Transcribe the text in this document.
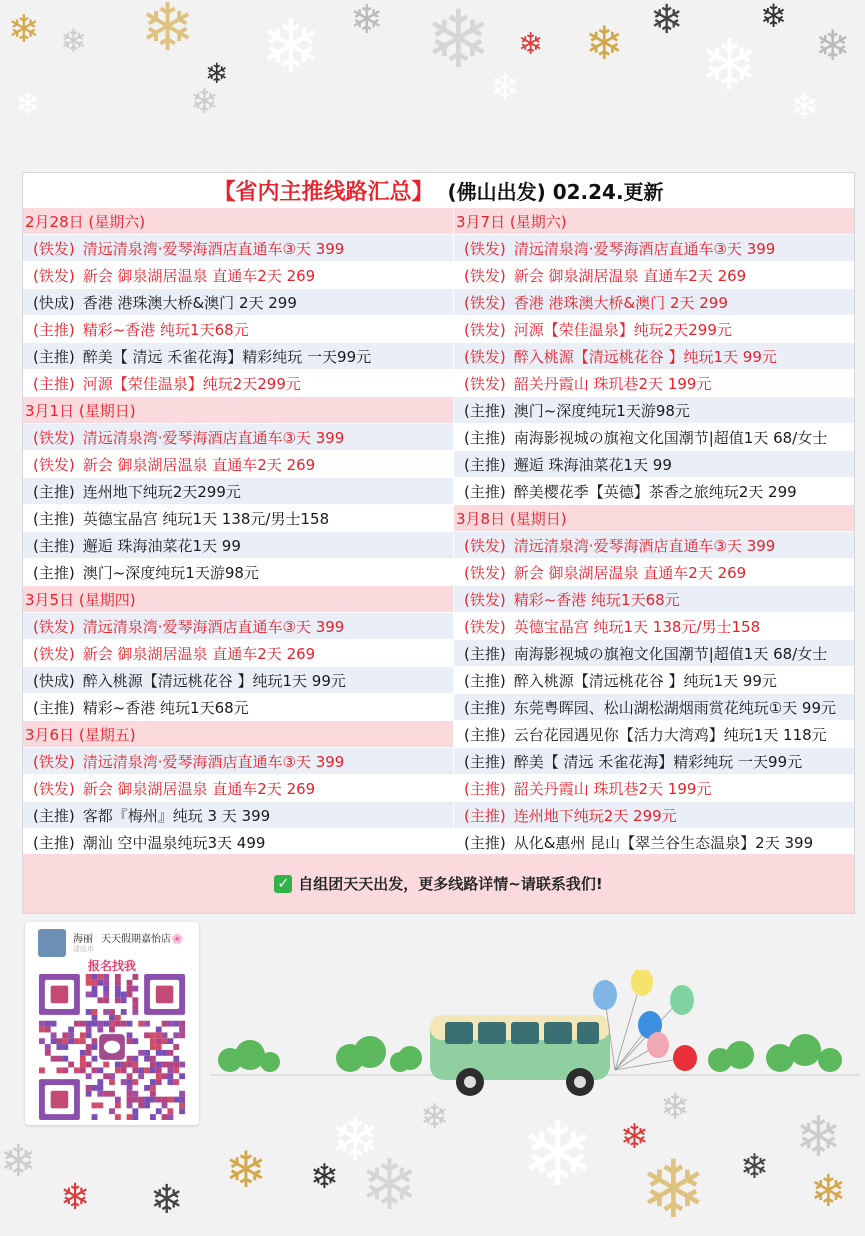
❄ ❄ ❄ ❄ ❄ ❄ ❄ ❄ ❄
❄
❄
❄
❄
❄	❄	❄
❄
❄ ❄
❄ ❄
❄
❄ ❄
❄	❄ ❄
❄
❄
❄ ❄
❄
【省内主推线路汇总】 (佛山出发) 02.24.更新
2月28日 (星期六)
(铁发) 清远清泉湾·爱琴海酒店直通车③天 399
(铁发) 新会 御泉湖居温泉 直通车2天 269
(快成) 香港 港珠澳大桥&澳门 2天 299
(主推) 精彩~香港 纯玩1天68元
(主推) 醉美【 清远 禾雀花海】精彩纯玩 一天99元
(主推) 河源【荣佳温泉】纯玩2天299元
3月1日 (星期日)
(铁发) 清远清泉湾·爱琴海酒店直通车③天 399
(铁发) 新会 御泉湖居温泉 直通车2天 269
(主推) 连州地下纯玩2天299元
(主推) 英德宝晶宫 纯玩1天 138元/男士158
(主推) 邂逅 珠海油菜花1天 99
(主推) 澳门~深度纯玩1天游98元
3月5日 (星期四)
(铁发) 清远清泉湾·爱琴海酒店直通车③天 399
(铁发) 新会 御泉湖居温泉 直通车2天 269
(快成) 醉入桃源【清远桃花谷 】纯玩1天 99元
(主推) 精彩~香港 纯玩1天68元
3月6日 (星期五)
(铁发) 清远清泉湾·爱琴海酒店直通车③天 399
(铁发) 新会 御泉湖居温泉 直通车2天 269
(主推) 客都『梅州』纯玩 3 天 399
(主推) 潮汕 空中温泉纯玩3天 499
3月7日 (星期六)
(铁发) 清远清泉湾·爱琴海酒店直通车③天 399
(铁发) 新会 御泉湖居温泉 直通车2天 269
(铁发) 香港 港珠澳大桥&澳门 2天 299
(铁发) 河源【荣佳温泉】纯玩2天299元
(铁发) 醉入桃源【清远桃花谷 】纯玩1天 99元
(铁发) 韶关丹霞山 珠玑巷2天 199元
(主推) 澳门~深度纯玩1天游98元
(主推) 南海影视城の旗袍文化国潮节|超值1天 68/女士
(主推) 邂逅 珠海油菜花1天 99
(主推) 醉美樱花季【英德】茶香之旅纯玩2天 299
3月8日 (星期日)
(铁发) 清远清泉湾·爱琴海酒店直通车③天 399
(铁发) 新会 御泉湖居温泉 直通车2天 269
(铁发) 精彩~香港 纯玩1天68元
(铁发) 英德宝晶宫 纯玩1天 138元/男士158
(主推) 南海影视城の旗袍文化国潮节|超值1天 68/女士
(主推) 醉入桃源【清远桃花谷 】纯玩1天 99元
(主推) 东莞粤晖园、松山湖松湖烟雨赏花纯玩①天 99元
(主推) 云台花园遇见你【活力大湾鸡】纯玩1天 118元
(主推) 醉美【 清远 禾雀花海】精彩纯玩 一天99元
(主推) 韶关丹霞山 珠玑巷2天 199元
(主推) 连州地下纯玩2天 299元
(主推) 从化&惠州 昆山【翠兰谷生态温泉】2天 399
✓ 自组团天天出发，更多线路详情~请联系我们!
海丽 天天假期嘉怡店🌸
清远市
报名找我
